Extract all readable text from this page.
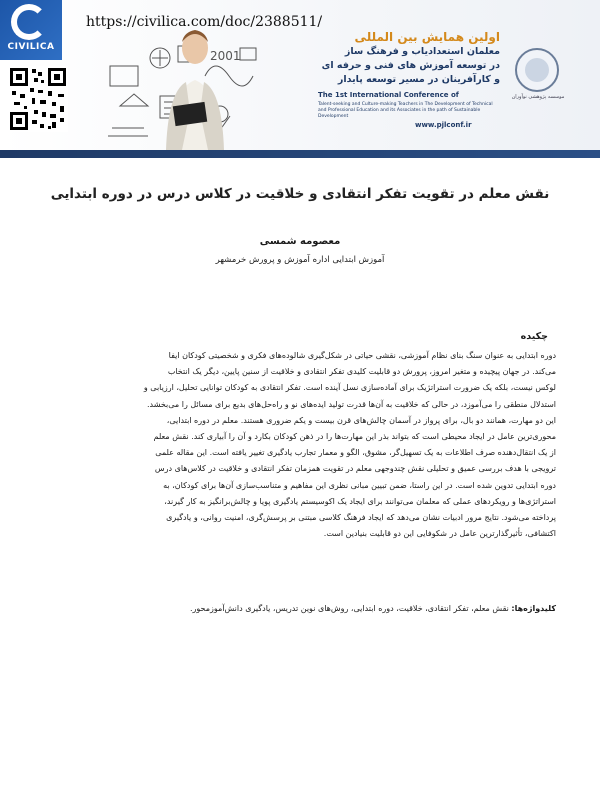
CIVILICA
https://civilica.com/doc/2388511/
2001
اولین همایش بین المللی
معلمان استعدادیاب و فرهنگ ساز
در توسعه آموزش های فنی و حرفه ای
و کارآفرینان در مسیر توسعه پایدار
The 1st International Conference of
Talent-seeking and Culture-making Teachers in The Development of Technical and Professional Education and its Associates in the path of Sustainable Development
www.pjlconf.ir
موسسه پژوهشی نوآوران
نقش معلم در تقویت تفکر انتقادی و خلاقیت در کلاس درس در دوره ابتدایی
معصومه شمسی
آموزش ابتدایی اداره آموزش و پرورش خرمشهر
چکیده

دوره ابتدایی به عنوان سنگ بنای نظام آموزشی، نقشی حیاتی در شکل‌گیری شالوده‌های فکری و شخصیتی کودکان ایفا

می‌کند. در جهان پیچیده و متغیر امروز، پرورش دو قابلیت کلیدی تفکر انتقادی و خلاقیت از سنین پایین، دیگر یک انتخاب

لوکس نیست، بلکه یک ضرورت استراتژیک برای آماده‌سازی نسل آینده است. تفکر انتقادی به کودکان توانایی تحلیل، ارزیابی و

استدلال منطقی را می‌آموزد، در حالی که خلاقیت به آن‌ها قدرت تولید ایده‌های نو و راه‌حل‌های بدیع برای مسائل را می‌بخشد.

این دو مهارت، همانند دو بال، برای پرواز در آسمان چالش‌های قرن بیست و یکم ضروری هستند. معلم در دوره ابتدایی،

محوری‌ترین عامل در ایجاد محیطی است که بتواند بذر این مهارت‌ها را در ذهن کودکان بکارد و آن را آبیاری کند. نقش معلم

از یک انتقال‌دهنده صرف اطلاعات به یک تسهیل‌گر، مشوق، الگو و معمار تجارب یادگیری تغییر یافته است. این مقاله علمی

ترویجی با هدف بررسی عمیق و تحلیلی نقش چندوجهی معلم در تقویت همزمان تفکر انتقادی و خلاقیت در کلاس‌های درس

دوره ابتدایی تدوین شده است. در این راستا، ضمن تبیین مبانی نظری این مفاهیم و متناسب‌سازی آن‌ها برای کودکان، به

استراتژی‌ها و رویکردهای عملی که معلمان می‌توانند برای ایجاد یک اکوسیستم یادگیری پویا و چالش‌برانگیز به کار گیرند،

پرداخته می‌شود. نتایج مرور ادبیات نشان می‌دهد که ایجاد فرهنگ کلاسی مبتنی بر پرسش‌گری، امنیت روانی، و یادگیری

اکتشافی، تأثیرگذارترین عامل در شکوفایی این دو قابلیت بنیادین است.

کلیدواژه‌ها: نقش معلم، تفکر انتقادی، خلاقیت، دوره ابتدایی، روش‌های نوین تدریس، یادگیری دانش‌آموزمحور.
